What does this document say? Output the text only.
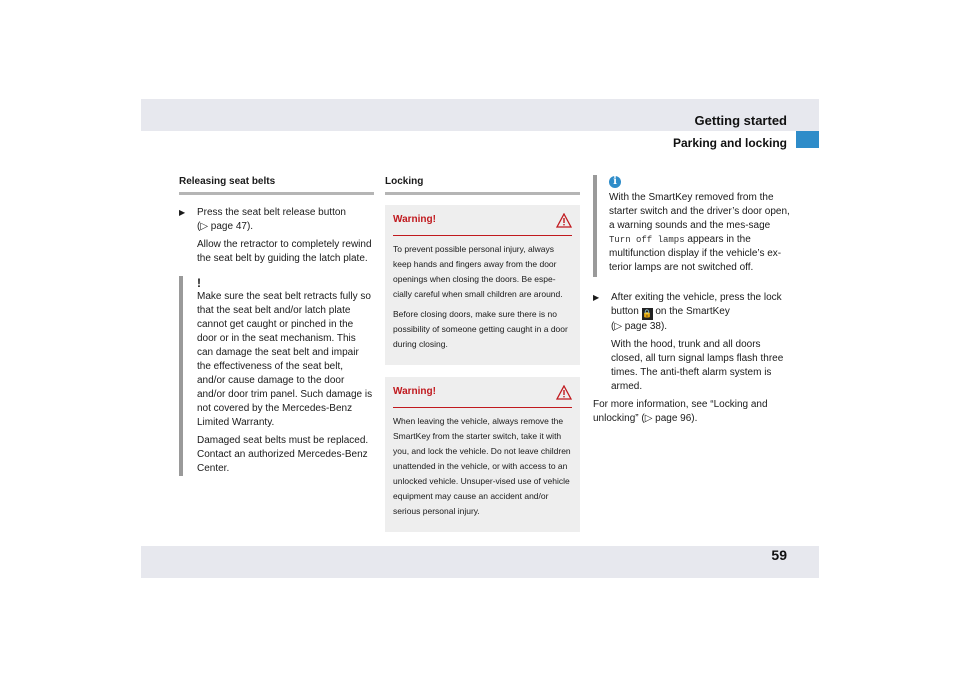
Getting started
Parking and locking

Releasing seat belts

▶	Press the seat belt release button
(▷ page 47).

Allow the retractor to completely rewind the seat belt by guiding the latch plate.

!

Make sure the seat belt retracts fully so that the seat belt and/or latch plate cannot get caught or pinched in the door or in the seat mechanism. This can damage the seat belt and impair the effectiveness of the seat belt, and/or cause damage to the door and/or door trim panel. Such damage is not covered by the Mercedes-Benz Limited Warranty.

Damaged seat belts must be replaced. Contact an authorized Mercedes-Benz Center.

Locking

Warning!

To prevent possible personal injury, always keep hands and fingers away from the door openings when closing the doors. Be espe-cially careful when small children are around.

Before closing doors, make sure there is no possibility of someone getting caught in a door during closing.

Warning!

When leaving the vehicle, always remove the SmartKey from the starter switch, take it with you, and lock the vehicle. Do not leave children unattended in the vehicle, or with access to an unlocked vehicle. Unsuper-vised use of vehicle equipment may cause an accident and/or serious personal injury.

i

With the SmartKey removed from the starter switch and the driver’s door open, a warning sounds and the mes-sage Turn off lamps appears in the multifunction display if the vehicle’s ex-terior lamps are not switched off.

▶	After exiting the vehicle, press the lock button 🔒 on the SmartKey
(▷ page 38).

With the hood, trunk and all doors closed, all turn signal lamps flash three times. The anti-theft alarm system is armed.

For more information, see “Locking and unlocking” (▷ page 96).

59
